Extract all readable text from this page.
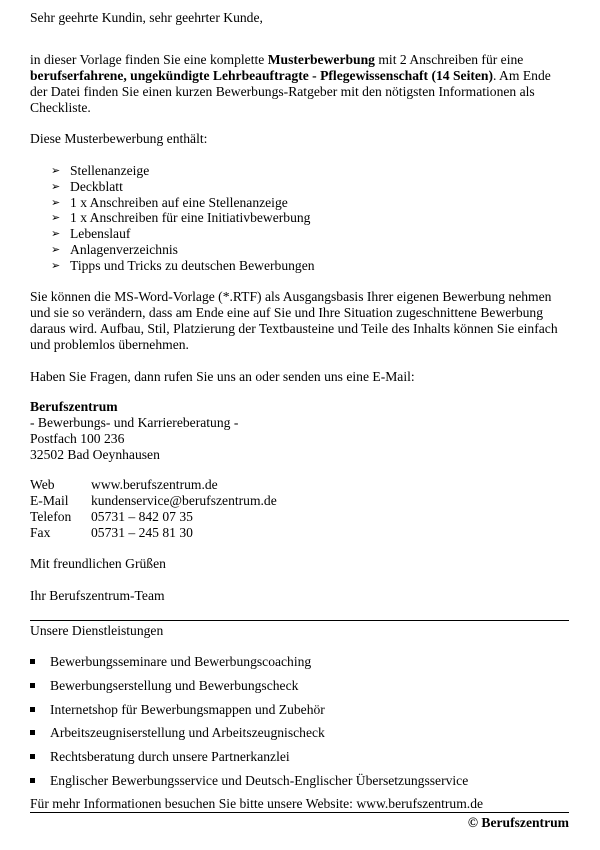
Sehr geehrte Kundin, sehr geehrter Kunde,

in dieser Vorlage finden Sie eine komplette Musterbewerbung mit 2 Anschreiben für eine berufserfahrene, ungekündigte Lehrbeauftragte - Pflegewissenschaft (14 Seiten). Am Ende der Datei finden Sie einen kurzen Bewerbungs-Ratgeber mit den nötigsten Informationen als Checkliste.

Diese Musterbewerbung enthält:

➢ Stellenanzeige
➢ Deckblatt
➢ 1 x Anschreiben auf eine Stellenanzeige
➢ 1 x Anschreiben für eine Initiativbewerbung
➢ Lebenslauf
➢ Anlagenverzeichnis
➢ Tipps und Tricks zu deutschen Bewerbungen

Sie können die MS-Word-Vorlage (*.RTF) als Ausgangsbasis Ihrer eigenen Bewerbung nehmen und sie so verändern, dass am Ende eine auf Sie und Ihre Situation zugeschnittene Bewerbung daraus wird. Aufbau, Stil, Platzierung der Textbausteine und Teile des Inhalts können Sie einfach und problemlos übernehmen.

Haben Sie Fragen, dann rufen Sie uns an oder senden uns eine E-Mail:

Berufszentrum
- Bewerbungs- und Karriereberatung -
Postfach 100 236
32502 Bad Oeynhausen
Web	www.berufszentrum.de
E-Mail	kundenservice@berufszentrum.de
Telefon	05731 – 842 07 35
Fax	05731 – 245 81 30

Mit freundlichen Grüßen

Ihr Berufszentrum-Team

Unsere Dienstleistungen

Bewerbungsseminare und Bewerbungscoaching
Bewerbungserstellung und Bewerbungscheck
Internetshop für Bewerbungsmappen und Zubehör
Arbeitszeugniserstellung und Arbeitszeugnischeck
Rechtsberatung durch unsere Partnerkanzlei
Englischer Bewerbungsservice und Deutsch-Englischer Übersetzungsservice

Für mehr Informationen besuchen Sie bitte unsere Website: www.berufszentrum.de

© Berufszentrum
